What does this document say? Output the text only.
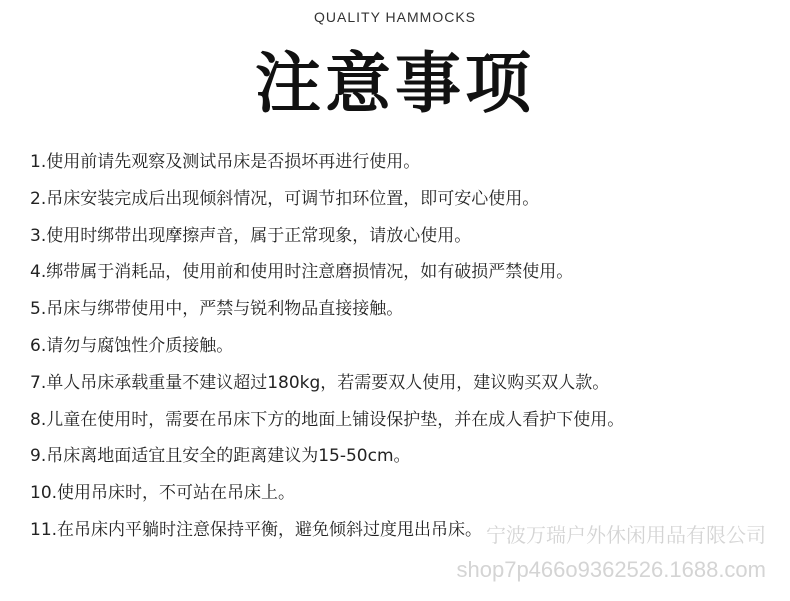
QUALITY HAMMOCKS
注意事项
1.使用前请先观察及测试吊床是否损坏再进行使用。
2.吊床安装完成后出现倾斜情况，可调节扣环位置，即可安心使用。
3.使用时绑带出现摩擦声音，属于正常现象，请放心使用。
4.绑带属于消耗品，使用前和使用时注意磨损情况，如有破损严禁使用。
5.吊床与绑带使用中，严禁与锐利物品直接接触。
6.请勿与腐蚀性介质接触。
7.单人吊床承载重量不建议超过180kg，若需要双人使用，建议购买双人款。
8.儿童在使用时，需要在吊床下方的地面上铺设保护垫，并在成人看护下使用。
9.吊床离地面适宜且安全的距离建议为15-50cm。
10.使用吊床时，不可站在吊床上。
11.在吊床内平躺时注意保持平衡，避免倾斜过度甩出吊床。 宁波万瑞户外休闲用品有限公司
shop7p466o9362526.1688.com
